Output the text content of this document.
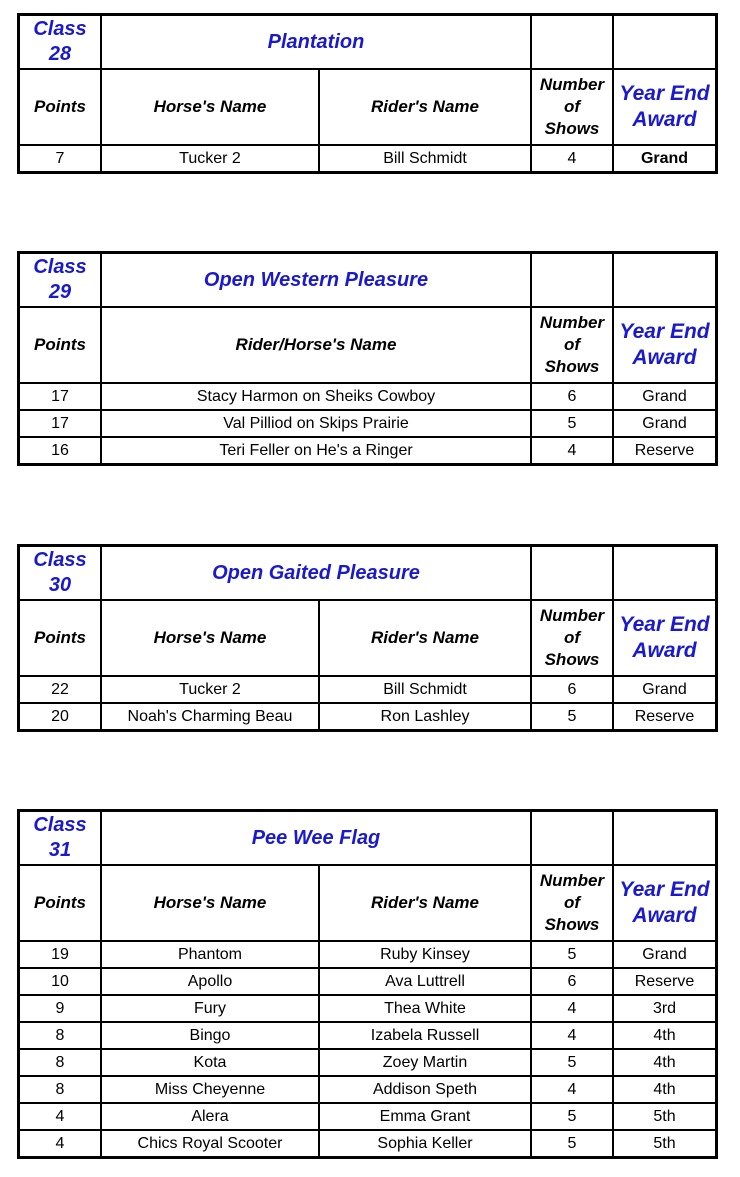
Class
28
Plantation
Points	Horse's Name	Rider's Name
Number
of
Shows
Year End
Award
7	Tucker 2	Bill Schmidt	4	Grand
Class
29
Open Western Pleasure
Points	Rider/Horse's Name
Number
of
Shows
Year End
Award
17	Stacy Harmon on Sheiks Cowboy	6	Grand
17	Val Pilliod on Skips Prairie	5	Grand
16	Teri Feller on He's a Ringer	4	Reserve
Class
30
Open Gaited Pleasure
Points	Horse's Name	Rider's Name
Number
of
Shows
Year End
Award
22	Tucker 2	Bill Schmidt	6	Grand
20	Noah's Charming Beau	Ron Lashley	5	Reserve
Class
31
Pee Wee Flag
Points	Horse's Name	Rider's Name
Number
of
Shows
Year End
Award
19	Phantom	Ruby Kinsey	5	Grand
10	Apollo	Ava Luttrell	6	Reserve
9	Fury	Thea White	4	3rd
8	Bingo	Izabela Russell	4	4th
8	Kota	Zoey Martin	5	4th
8	Miss Cheyenne	Addison Speth	4	4th
4	Alera	Emma Grant	5	5th
4	Chics Royal Scooter	Sophia Keller	5	5th
